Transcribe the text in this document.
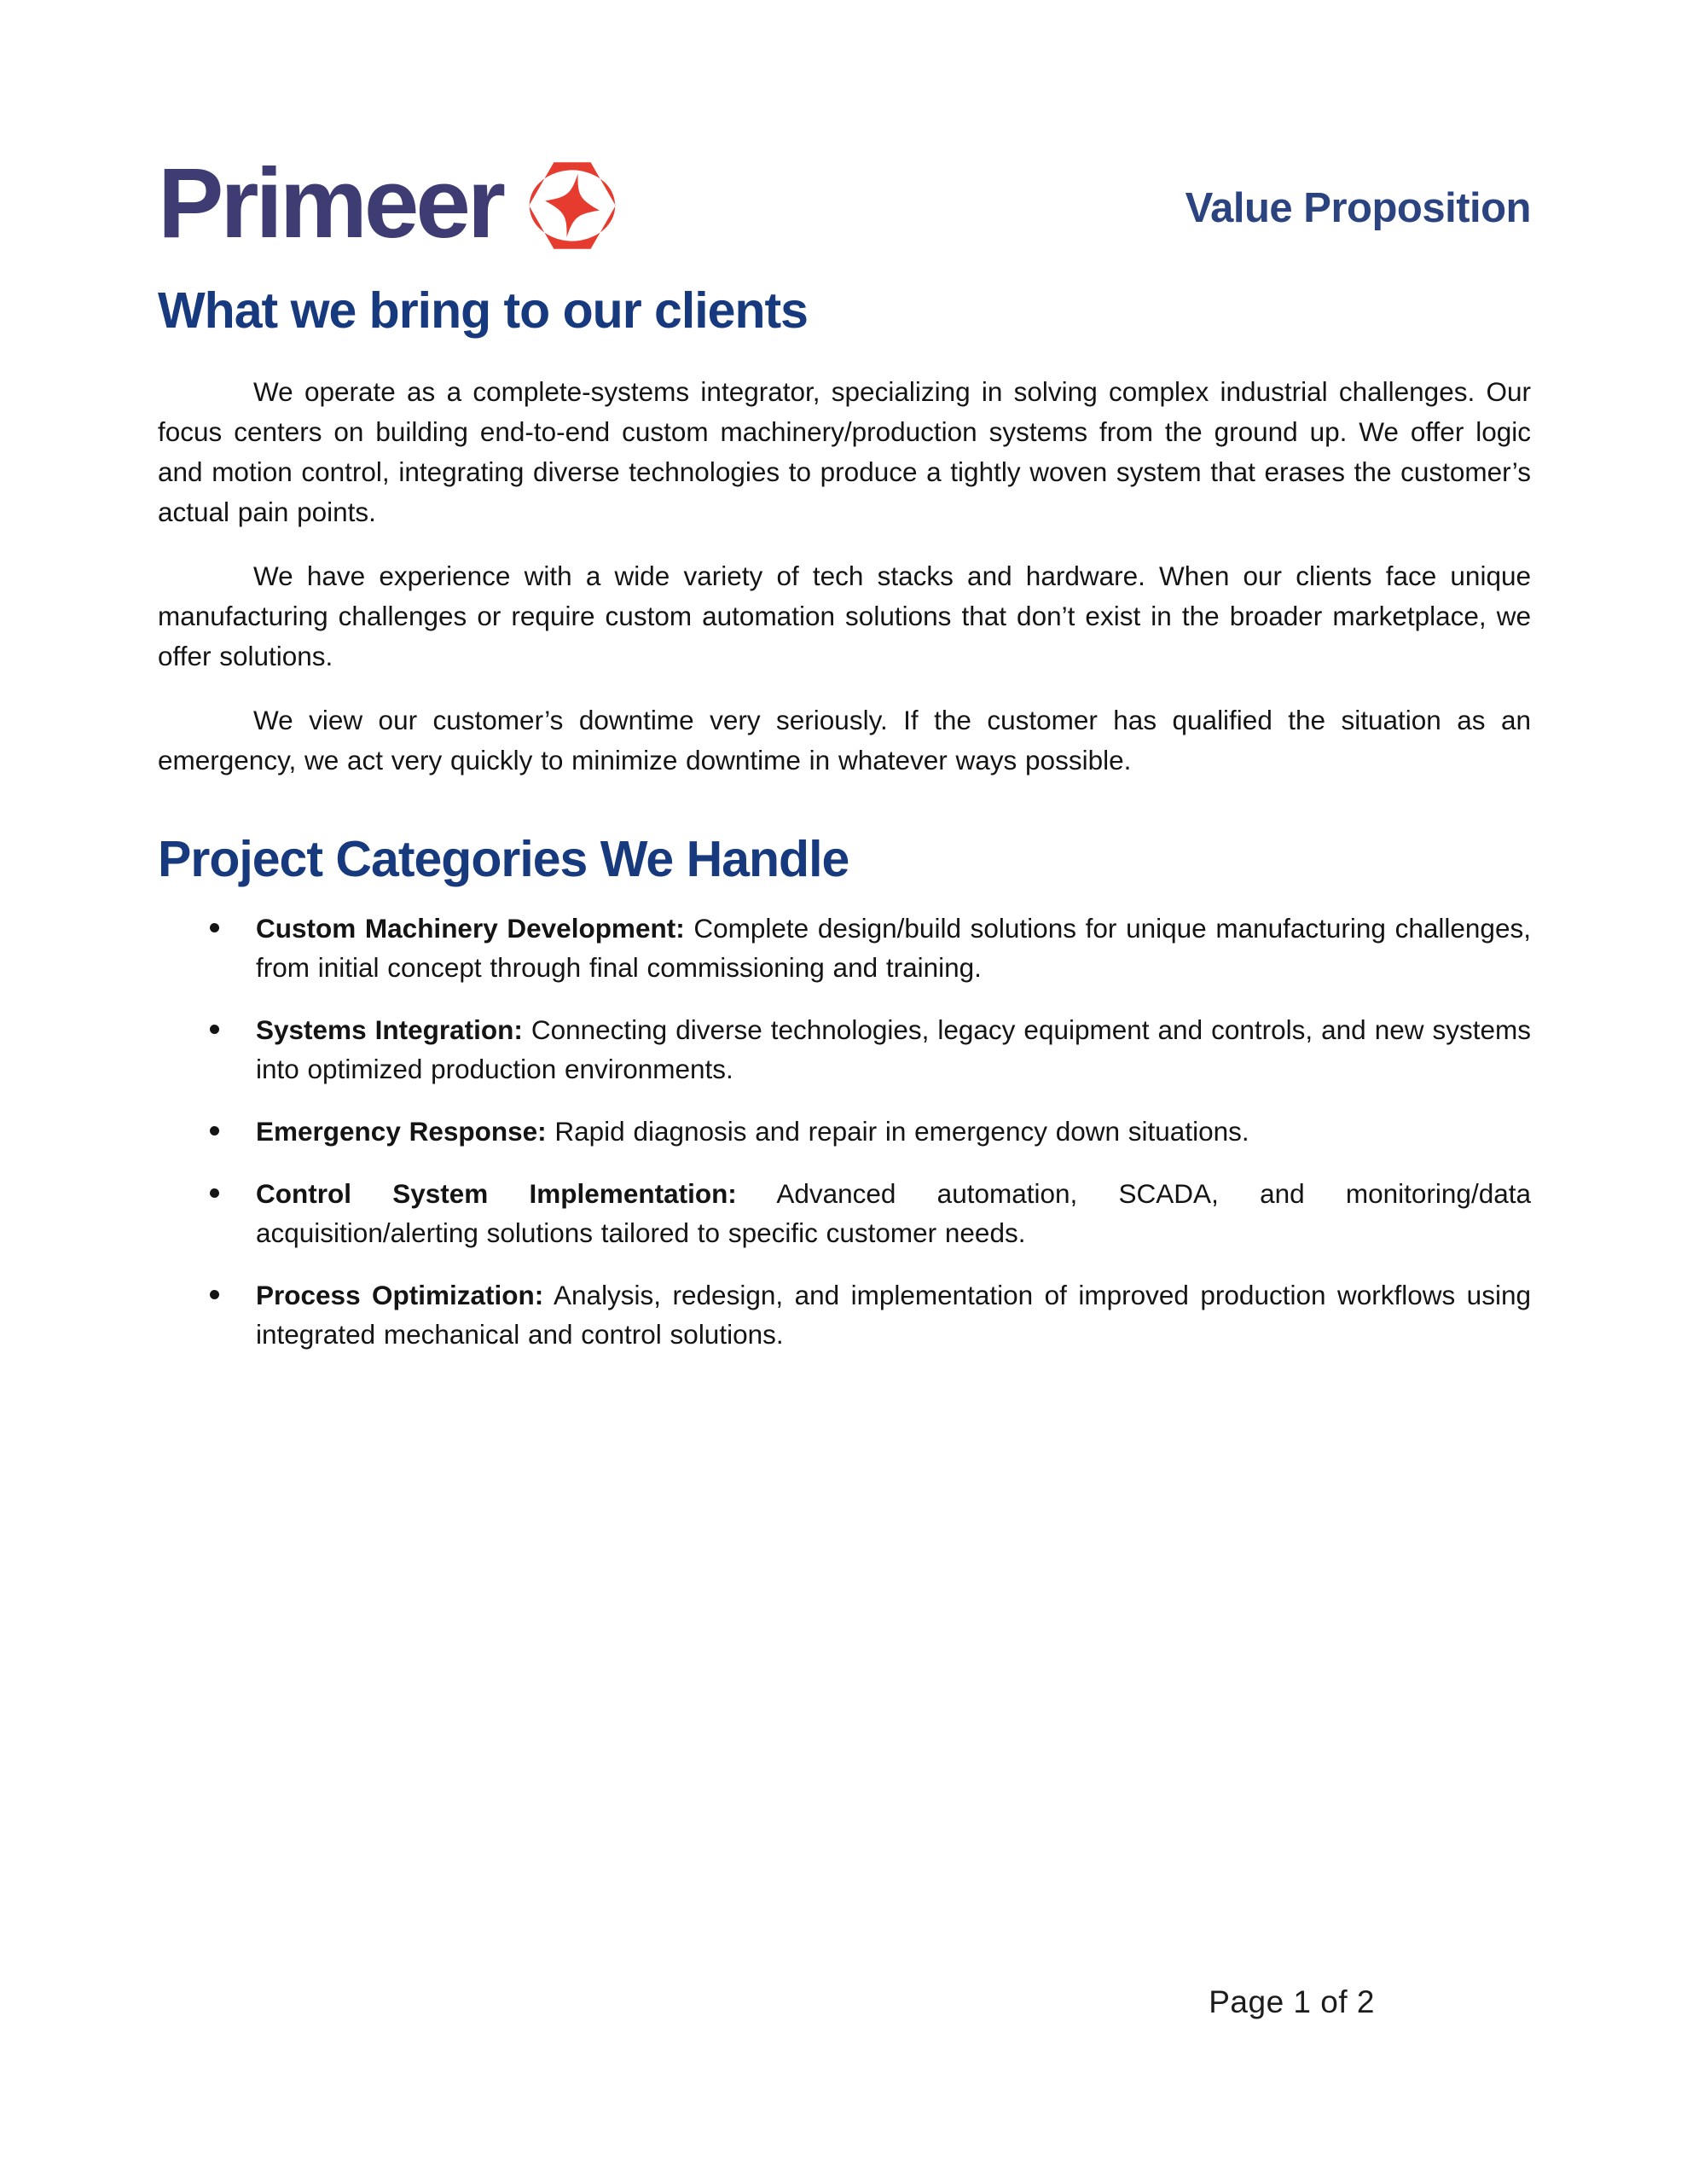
Primeer	Value Proposition
What we bring to our clients

We operate as a complete-systems integrator, specializing in solving complex industrial challenges. Our focus centers on building end-to-end custom machinery/production systems from the ground up. We offer logic and motion control, integrating diverse technologies to produce a tightly woven system that erases the customer’s actual pain points.

We have experience with a wide variety of tech stacks and hardware. When our clients face unique manufacturing challenges or require custom automation solutions that don’t exist in the broader marketplace, we offer solutions.

We view our customer’s downtime very seriously. If the customer has qualified the situation as an emergency, we act very quickly to minimize downtime in whatever ways possible.

Project Categories We Handle
Custom Machinery Development: Complete design/build solutions for unique manufacturing challenges, from initial concept through final commissioning and training.
Systems Integration: Connecting diverse technologies, legacy equipment and controls, and new systems into optimized production environments.
Emergency Response: Rapid diagnosis and repair in emergency down situations.
Control System Implementation: Advanced automation, SCADA, and monitoring/data acquisition/alerting solutions tailored to specific customer needs.
Process Optimization: Analysis, redesign, and implementation of improved production workflows using integrated mechanical and control solutions.
Page 1 of 2
